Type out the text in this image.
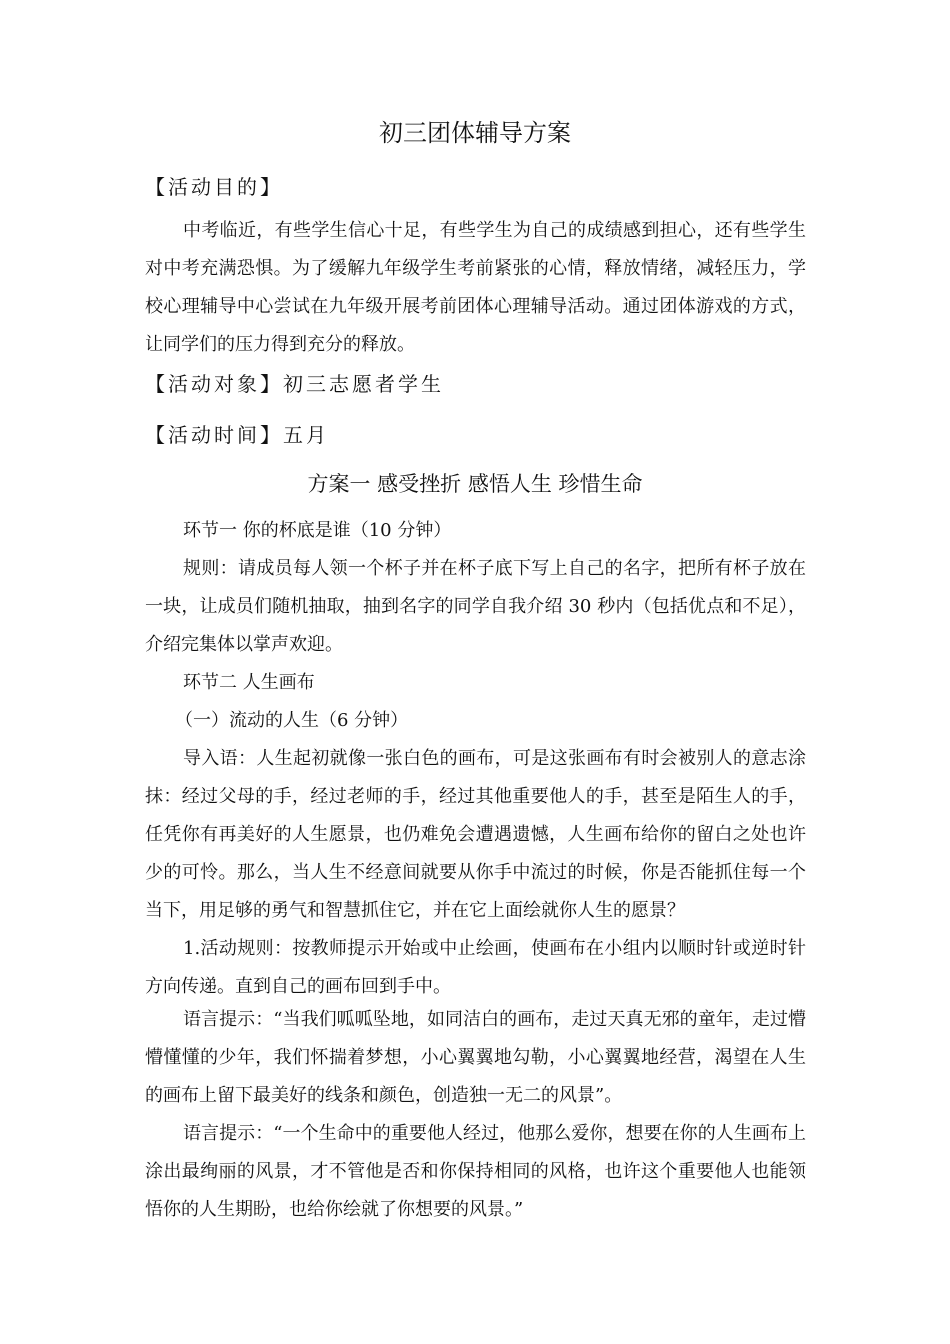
初三团体辅导方案
【活动目的】
中考临近，有些学生信心十足，有些学生为自己的成绩感到担心，还有些学生对中考充满恐惧。为了缓解九年级学生考前紧张的心情，释放情绪，减轻压力，学校心理辅导中心尝试在九年级开展考前团体心理辅导活动。通过团体游戏的方式，让同学们的压力得到充分的释放。
【活动对象】初三志愿者学生
【活动时间】五月
方案一 感受挫折 感悟人生 珍惜生命
环节一 你的杯底是谁（10 分钟）
规则：请成员每人领一个杯子并在杯子底下写上自己的名字，把所有杯子放在一块，让成员们随机抽取，抽到名字的同学自我介绍 30 秒内（包括优点和不足），介绍完集体以掌声欢迎。
环节二 人生画布
（一）流动的人生（6 分钟）
导入语：人生起初就像一张白色的画布，可是这张画布有时会被别人的意志涂抹：经过父母的手，经过老师的手，经过其他重要他人的手，甚至是陌生人的手，任凭你有再美好的人生愿景，也仍难免会遭遇遗憾，人生画布给你的留白之处也许少的可怜。那么，当人生不经意间就要从你手中流过的时候，你是否能抓住每一个当下，用足够的勇气和智慧抓住它，并在它上面绘就你人生的愿景？
1.活动规则：按教师提示开始或中止绘画，使画布在小组内以顺时针或逆时针方向传递。直到自己的画布回到手中。
语言提示：“当我们呱呱坠地，如同洁白的画布，走过天真无邪的童年，走过懵懵懂懂的少年，我们怀揣着梦想，小心翼翼地勾勒，小心翼翼地经营，渴望在人生的画布上留下最美好的线条和颜色，创造独一无二的风景”。
语言提示：“一个生命中的重要他人经过，他那么爱你，想要在你的人生画布上涂出最绚丽的风景，才不管他是否和你保持相同的风格，也许这个重要他人也能领悟你的人生期盼，也给你绘就了你想要的风景。”
